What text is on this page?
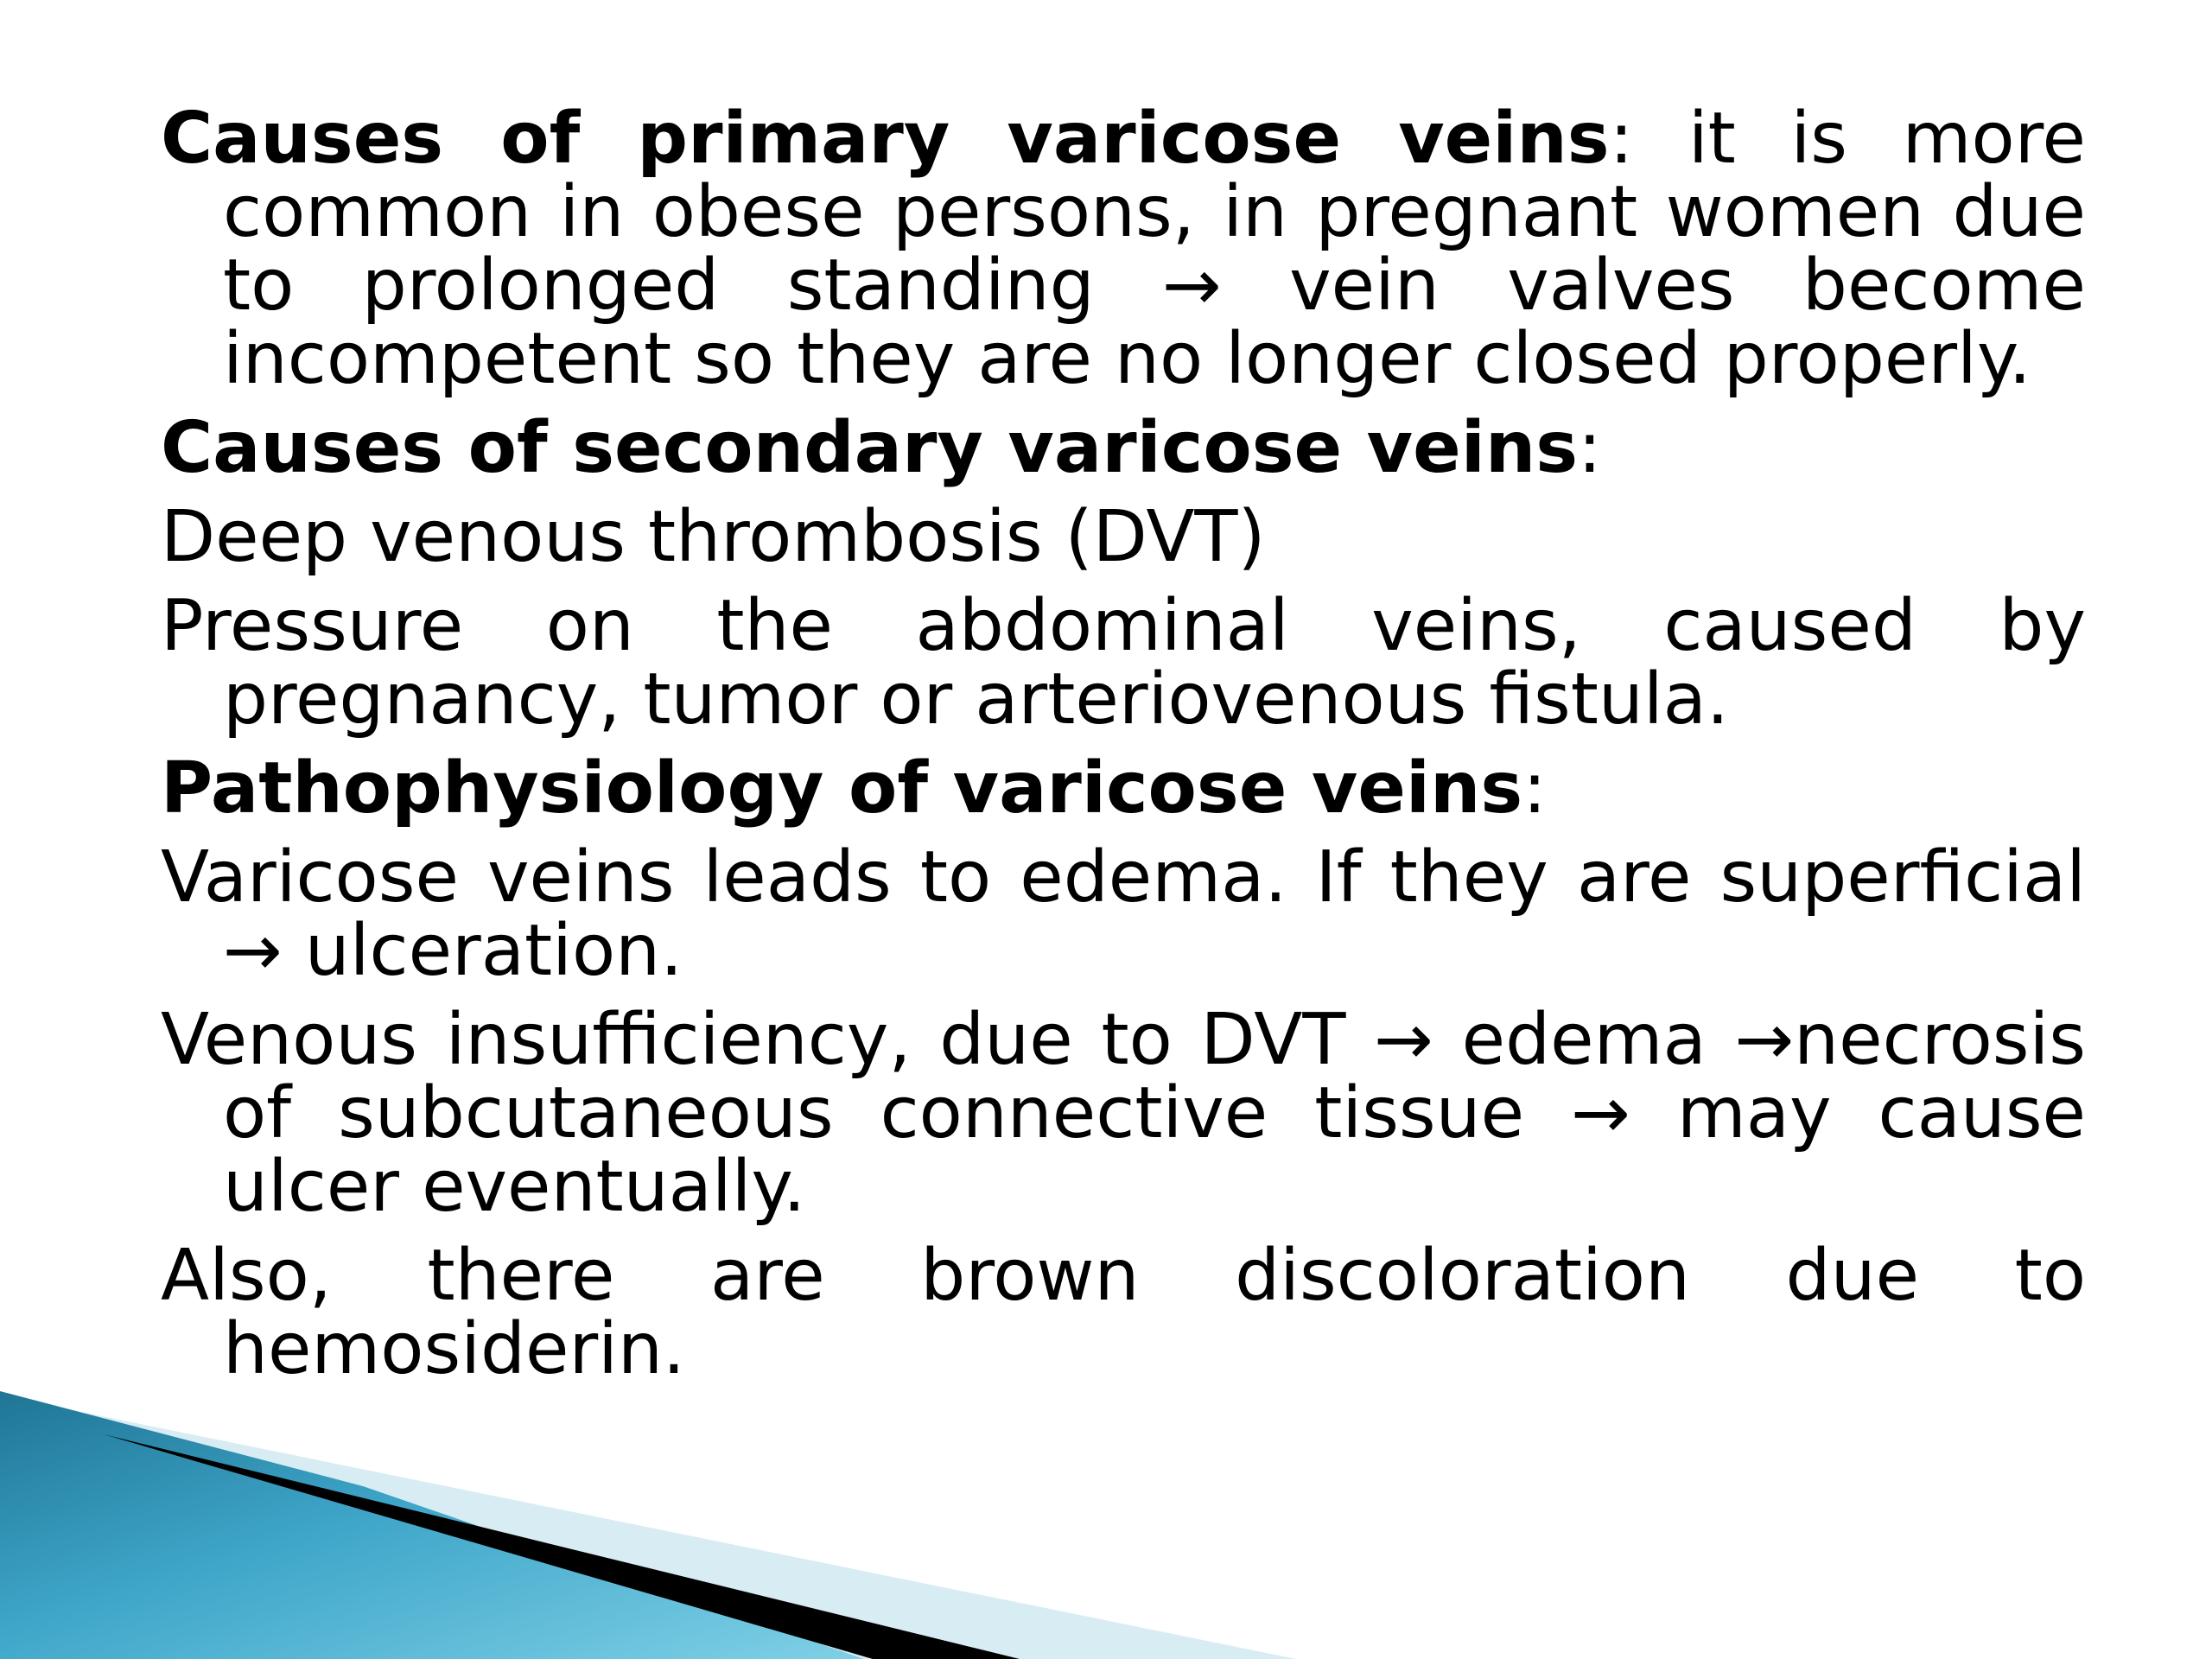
Causes of primary varicose veins: it is more common in obese persons, in pregnant women due to prolonged standing → vein valves become incompetent so they are no longer closed properly.

Causes of secondary varicose veins:

Deep venous thrombosis (DVT)

Pressure on the abdominal veins, caused by pregnancy, tumor or arteriovenous fistula.

Pathophysiology of varicose veins:

Varicose veins leads to edema. If they are superficial → ulceration.

Venous insufficiency, due to DVT → edema →necrosis of subcutaneous connective tissue → may cause ulcer eventually.

Also, there are brown discoloration due to hemosiderin.
